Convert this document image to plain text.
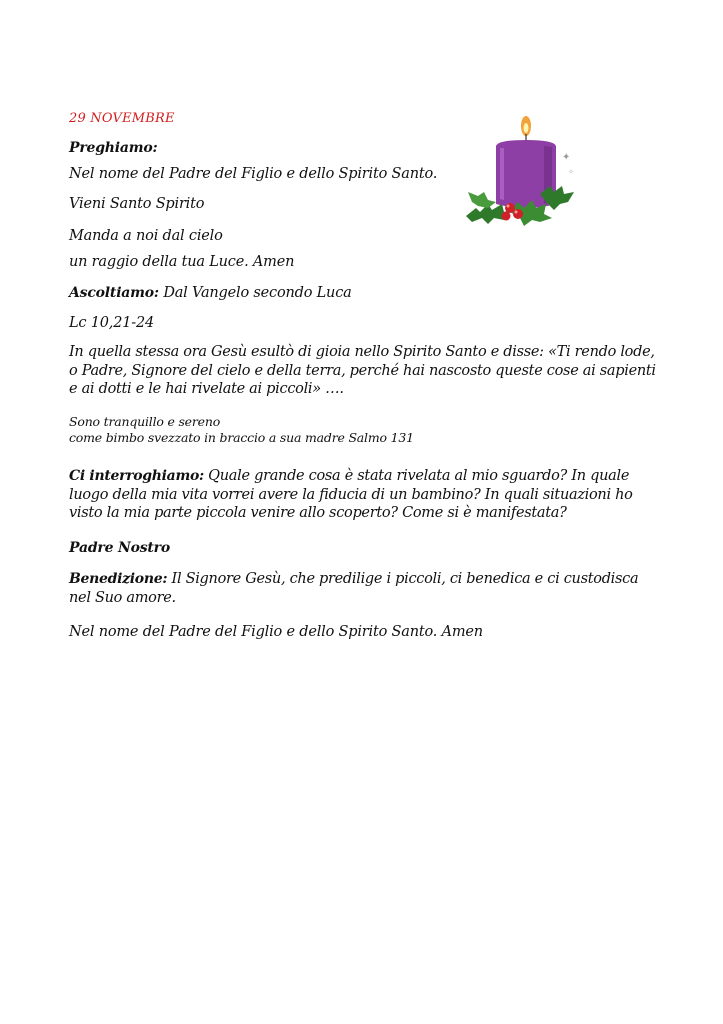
29 NOVEMBRE
Preghiamo:
Nel nome del Padre del Figlio e dello Spirito Santo.
Vieni Santo Spirito
Manda a noi dal cielo
un raggio della tua Luce. Amen
Ascoltiamo: Dal Vangelo secondo Luca
Lc 10,21-24
In quella stessa ora Gesù esultò di gioia nello Spirito Santo e disse: «Ti rendo lode, o Padre, Signore del cielo e della terra, perché hai nascosto queste cose ai sapienti e ai dotti e le hai rivelate ai piccoli» ….
Sono tranquillo e sereno
come bimbo svezzato in braccio a sua madre Salmo 131
Ci interroghiamo: Quale grande cosa è stata rivelata al mio sguardo? In quale luogo della mia vita vorrei avere la fiducia di un bambino? In quali situazioni ho visto la mia parte piccola venire allo scoperto? Come si è manifestata?
Padre Nostro
Benedizione: Il Signore Gesù, che predilige i piccoli, ci benedica e ci custodisca nel Suo amore.
Nel nome del Padre del Figlio e dello Spirito Santo. Amen
✦
✧
